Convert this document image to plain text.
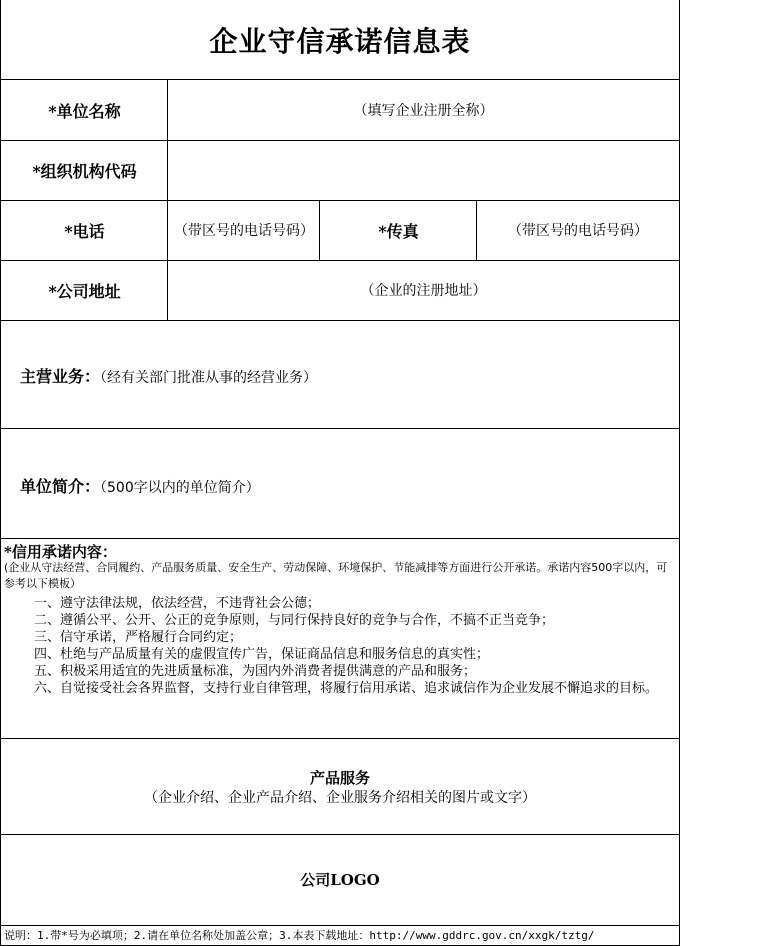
企业守信承诺信息表
*单位名称	（填写企业注册全称）
*组织机构代码
*电话	（带区号的电话号码）	*传真	（带区号的电话号码）
*公司地址	（企业的注册地址）
主营业务：（经有关部门批准从事的经营业务）
单位简介：（500字以内的单位简介）
*信用承诺内容：
(企业从守法经营、合同履约、产品服务质量、安全生产、劳动保障、环境保护、节能减排等方面进行公开承诺。承诺内容500字以内，可参考以下模板）
一、遵守法律法规，依法经营，不违背社会公德；
二、遵循公平、公开、公正的竞争原则，与同行保持良好的竞争与合作，不搞不正当竞争；
三、信守承诺，严格履行合同约定；
四、杜绝与产品质量有关的虚假宣传广告，保证商品信息和服务信息的真实性；
五、积极采用适宜的先进质量标准，为国内外消费者提供满意的产品和服务；
六、自觉接受社会各界监督，支持行业自律管理，将履行信用承诺、追求诚信作为企业发展不懈追求的目标。
产品服务
（企业介绍、企业产品介绍、企业服务介绍相关的图片或文字）
公司LOGO
说明：1.带*号为必填项；2.请在单位名称处加盖公章；3.本表下载地址：http://www.gddrc.gov.cn/xxgk/tztg/
